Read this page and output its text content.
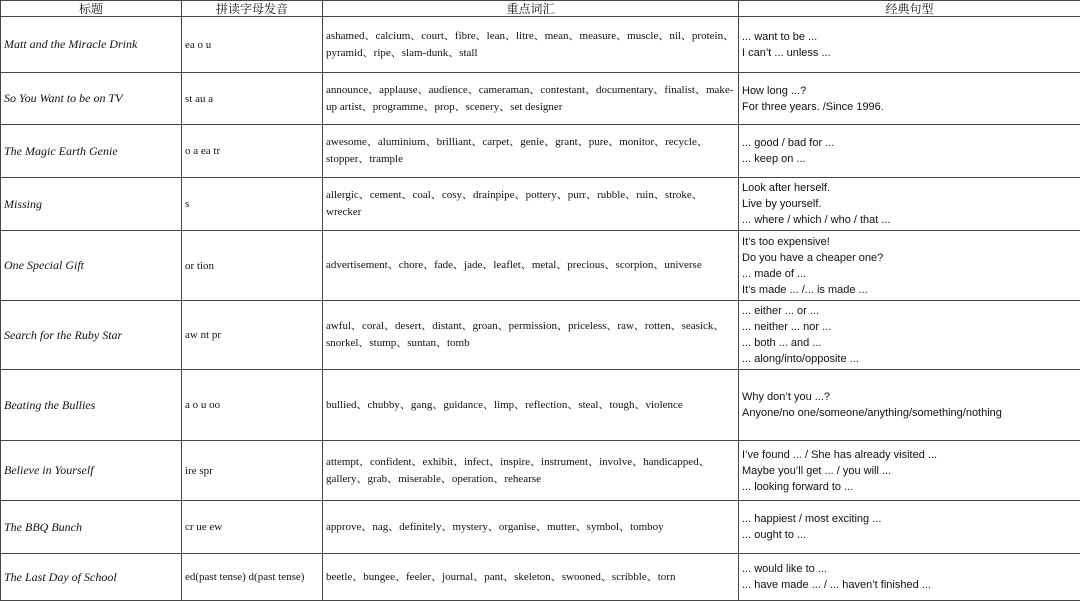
标题	拼读字母发音	重点词汇	经典句型
Matt and the Miracle Drink	ea o u	ashamed、calcium、court、fibre、lean、litre、mean、measure、muscle、nil、protein、pyramid、ripe、slam-dunk、stall	... want to be ...
I can’t ... unless ...

So You Want to be on TV	st au a	announce、applause、audience、cameraman、contestant、documentary、finalist、make-up artist、programme、prop、scenery、set designer	How long ...?
For three years. /Since 1996.

The Magic Earth Genie	o a ea tr	awesome、aluminium、brilliant、carpet、genie、grant、pure、monitor、recycle、stopper、trample	... good / bad for ...
... keep on ...

Missing	s	allergic、cement、coal、cosy、drainpipe、pottery、purr、rubble、ruin、stroke、wrecker	Look after herself.
Live by yourself.
... where / which / who / that ...

One Special Gift	or tion	advertisement、chore、fade、jade、leaflet、metal、precious、scorpion、universe	It’s too expensive!
Do you have a cheaper one?
... made of ...
It’s made ... /... is made ...

Search for the Ruby Star	aw nt pr	awful、coral、desert、distant、groan、permission、priceless、raw、rotten、seasick、snorkel、stump、suntan、tomb	... either ... or ...
... neither ... nor ...
... both ... and ...
... along/into/opposite ...

Beating the Bullies	a o u oo	bullied、chubby、gang、guidance、limp、reflection、steal、tough、violence	Why don’t you ...?
Anyone/no one/someone/anything/something/nothing

Believe in Yourself	ire spr	attempt、confident、exhibit、infect、inspire、instrument、involve、handicapped、gallery、grab、miserable、operation、rehearse	I’ve found ... / She has already visited ...
Maybe you’ll get ... / you will ...
... looking forward to ...

The BBQ Bunch	cr ue ew	approve、nag、definitely、mystery、organise、mutter、symbol、tomboy	... happiest / most exciting ...
... ought to ...

The Last Day of School	ed(past tense) d(past tense)	beetle、bungee、feeler、journal、pant、skeleton、swooned、scribble、torn	... would like to ...
... have made ... / ... haven’t finished ...
